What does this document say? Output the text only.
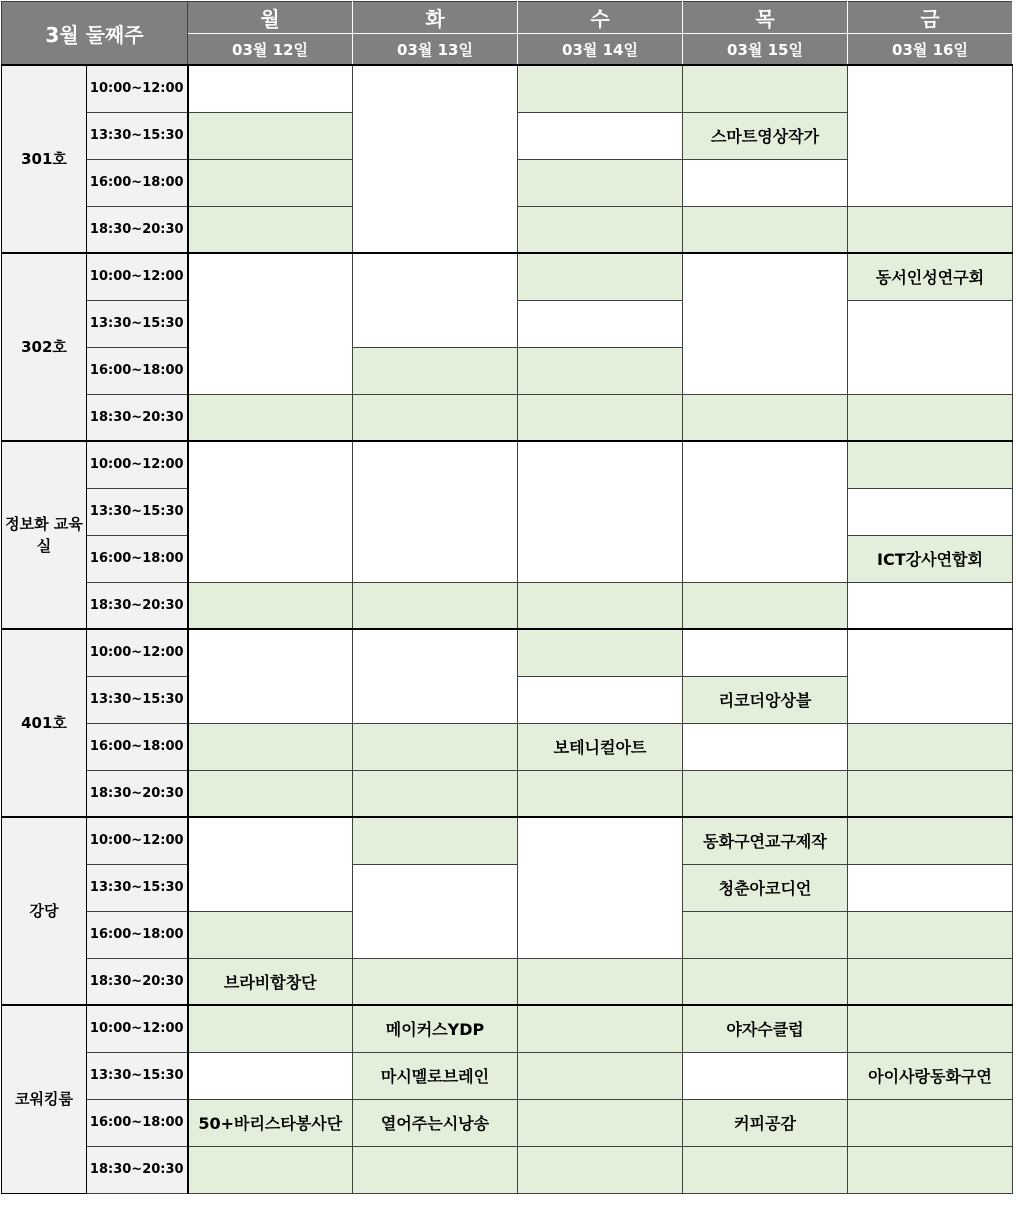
3월 둘째주		월	화	수	목	금
		03월 12일	03월 13일	03월 14일	03월 15일	03월 16일
301호	10:00~12:00					
	13:30~15:30				스마트영상작가	
	16:00~18:00					
	18:30~20:30					
302호	10:00~12:00					동서인성연구회
	13:30~15:30					
	16:00~18:00					
	18:30~20:30					
정보화 교육실	10:00~12:00					
	13:30~15:30					
	16:00~18:00					ICT강사연합회
	18:30~20:30					
401호	10:00~12:00					
	13:30~15:30				리코더앙상블	
	16:00~18:00			보테니컬아트		
	18:30~20:30					
강당	10:00~12:00				동화구연교구제작	
	13:30~15:30				청춘아코디언	
	16:00~18:00					
	18:30~20:30	브라비합창단				
코워킹룸	10:00~12:00		메이커스YDP		야자수클럽	
	13:30~15:30		마시멜로브레인			아이사랑동화구연
	16:00~18:00	50+바리스타봉사단	열어주는시낭송		커피공감	
	18:30~20:30					
